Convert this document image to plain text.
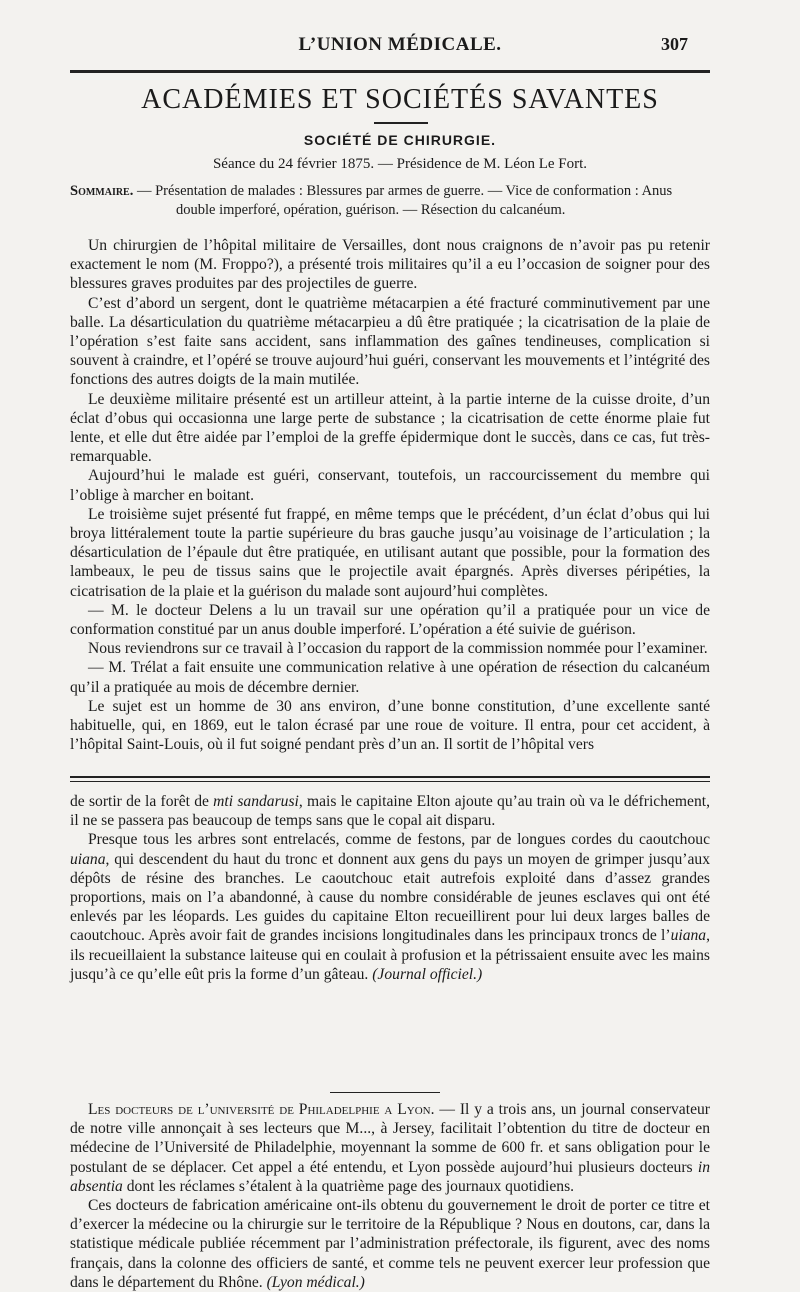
L’UNION MÉDICALE.	307
ACADÉMIES ET SOCIÉTÉS SAVANTES
SOCIÉTÉ DE CHIRURGIE.
Séance du 24 février 1875. — Présidence de M. Léon Le Fort.
Sommaire. — Présentation de malades : Blessures par armes de guerre. — Vice de conformation : Anus
double imperforé, opération, guérison. — Résection du calcanéum.

Un chirurgien de l’hôpital militaire de Versailles, dont nous craignons de n’avoir pas pu retenir exactement le nom (M. Froppo?), a présenté trois militaires qu’il a eu l’occasion de soigner pour des blessures graves produites par des projectiles de guerre.

C’est d’abord un sergent, dont le quatrième métacarpien a été fracturé comminutivement par une balle. La désarticulation du quatrième métacarpieu a dû être pratiquée ; la cicatrisation de la plaie de l’opération s’est faite sans accident, sans inflammation des gaînes tendineuses, complication si souvent à craindre, et l’opéré se trouve aujourd’hui guéri, conservant les mouvements et l’intégrité des fonctions des autres doigts de la main mutilée.

Le deuxième militaire présenté est un artilleur atteint, à la partie interne de la cuisse droite, d’un éclat d’obus qui occasionna une large perte de substance ; la cicatrisation de cette énorme plaie fut lente, et elle dut être aidée par l’emploi de la greffe épidermique dont le succès, dans ce cas, fut très-remarquable.

Aujourd’hui le malade est guéri, conservant, toutefois, un raccourcissement du membre qui l’oblige à marcher en boitant.

Le troisième sujet présenté fut frappé, en même temps que le précédent, d’un éclat d’obus qui lui broya littéralement toute la partie supérieure du bras gauche jusqu’au voisinage de l’articulation ; la désarticulation de l’épaule dut être pratiquée, en utilisant autant que possible, pour la formation des lambeaux, le peu de tissus sains que le projectile avait épargnés. Après diverses péripéties, la cicatrisation de la plaie et la guérison du malade sont aujourd’hui complètes.

— M. le docteur Delens a lu un travail sur une opération qu’il a pratiquée pour un vice de conformation constitué par un anus double imperforé. L’opération a été suivie de guérison.

Nous reviendrons sur ce travail à l’occasion du rapport de la commission nommée pour l’examiner.

— M. Trélat a fait ensuite une communication relative à une opération de résection du calcanéum qu’il a pratiquée au mois de décembre dernier.

Le sujet est un homme de 30 ans environ, d’une bonne constitution, d’une excellente santé habituelle, qui, en 1869, eut le talon écrasé par une roue de voiture. Il entra, pour cet accident, à l’hôpital Saint-Louis, où il fut soigné pendant près d’un an. Il sortit de l’hôpital vers

de sortir de la forêt de mti sandarusi, mais le capitaine Elton ajoute qu’au train où va le défrichement, il ne se passera pas beaucoup de temps sans que le copal ait disparu.

Presque tous les arbres sont entrelacés, comme de festons, par de longues cordes du caoutchouc uiana, qui descendent du haut du tronc et donnent aux gens du pays un moyen de grimper jusqu’aux dépôts de résine des branches. Le caoutchouc etait autrefois exploité dans d’assez grandes proportions, mais on l’a abandonné, à cause du nombre considérable de jeunes esclaves qui ont été enlevés par les léopards. Les guides du capitaine Elton recueillirent pour lui deux larges balles de caoutchouc. Après avoir fait de grandes incisions longitudinales dans les principaux troncs de l’uiana, ils recueillaient la substance laiteuse qui en coulait à profusion et la pétrissaient ensuite avec les mains jusqu’à ce qu’elle eût pris la forme d’un gâteau. (Journal officiel.)

Les docteurs de l’université de Philadelphie a Lyon. — Il y a trois ans, un journal conservateur de notre ville annonçait à ses lecteurs que M..., à Jersey, facilitait l’obtention du titre de docteur en médecine de l’Université de Philadelphie, moyennant la somme de 600 fr. et sans obligation pour le postulant de se déplacer. Cet appel a été entendu, et Lyon possède aujourd’hui plusieurs docteurs in absentia dont les réclames s’étalent à la quatrième page des journaux quotidiens.

Ces docteurs de fabrication américaine ont-ils obtenu du gouvernement le droit de porter ce titre et d’exercer la médecine ou la chirurgie sur le territoire de la République ? Nous en doutons, car, dans la statistique médicale publiée récemment par l’administration préfectorale, ils figurent, avec des noms français, dans la colonne des officiers de santé, et comme tels ne peuvent exercer leur profession que dans le département du Rhône. (Lyon médical.)
